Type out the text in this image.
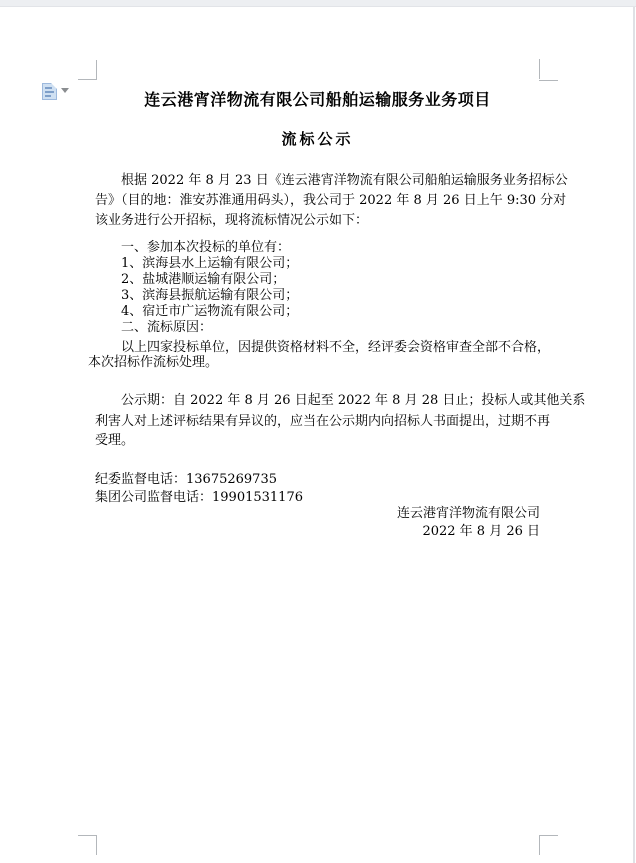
连云港宵洋物流有限公司船舶运输服务业务项目
流标公示
根据 2022 年 8 月 23 日《连云港宵洋物流有限公司船舶运输服务业务招标公
告》（目的地：淮安苏淮通用码头），我公司于 2022 年 8 月 26 日上午 9:30 分对
该业务进行公开招标，现将流标情况公示如下：
一、参加本次投标的单位有：
1、滨海县水上运输有限公司；
2、盐城港顺运输有限公司；
3、滨海县振航运输有限公司；
4、宿迁市广运物流有限公司；
二、流标原因：
以上四家投标单位，因提供资格材料不全，经评委会资格审查全部不合格，
本次招标作流标处理。
公示期：自 2022 年 8 月 26 日起至 2022 年 8 月 28 日止；投标人或其他关系
利害人对上述评标结果有异议的，应当在公示期内向招标人书面提出，过期不再
受理。
纪委监督电话：13675269735
集团公司监督电话：19901531176
连云港宵洋物流有限公司
2022 年 8 月 26 日
